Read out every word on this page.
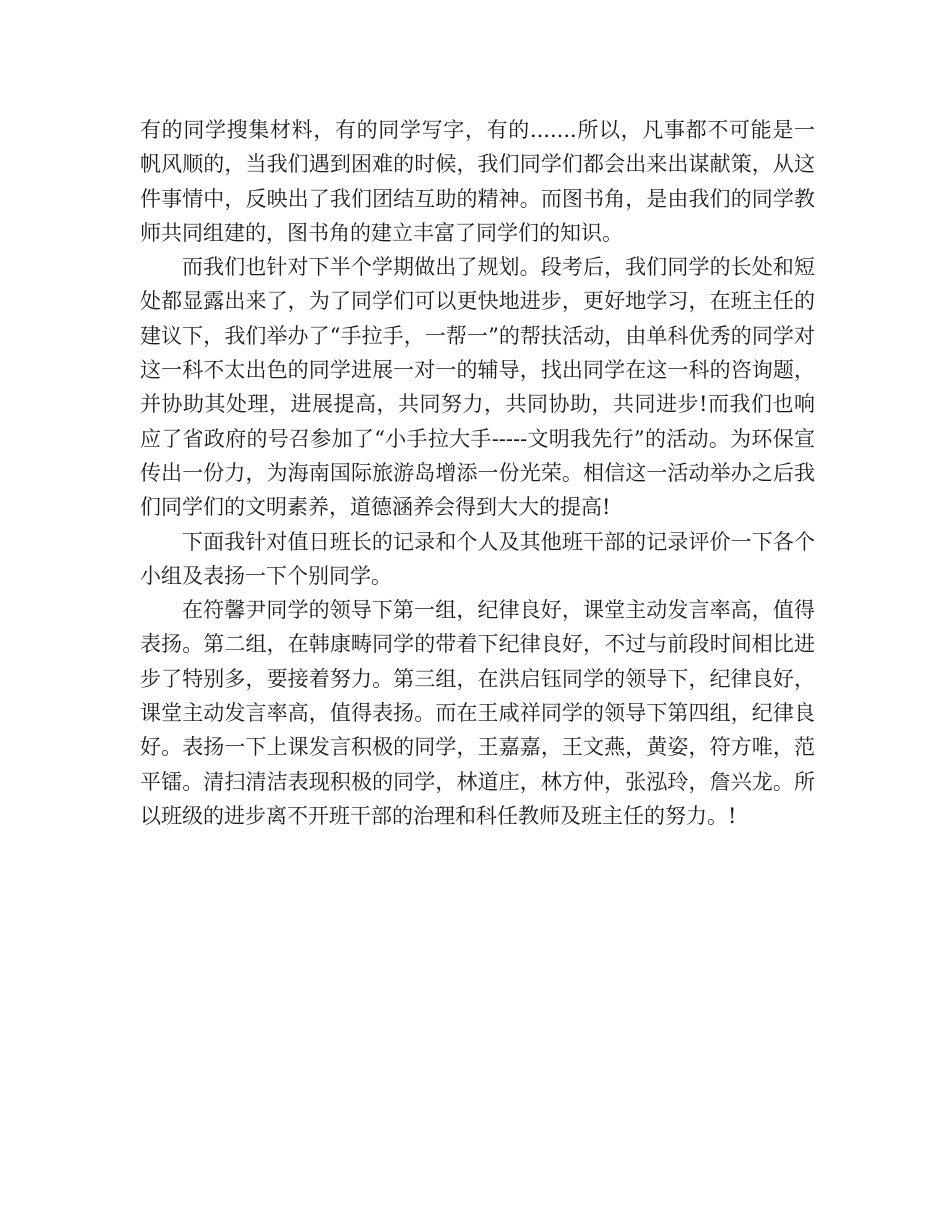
有的同学搜集材料，有的同学写字，有的.......所以，凡事都不可能是一帆风顺的，当我们遇到困难的时候，我们同学们都会出来出谋献策，从这件事情中，反映出了我们团结互助的精神。而图书角，是由我们的同学教师共同组建的，图书角的建立丰富了同学们的知识。

而我们也针对下半个学期做出了规划。段考后，我们同学的长处和短处都显露出来了，为了同学们可以更快地进步，更好地学习，在班主任的建议下，我们举办了“手拉手，一帮一”的帮扶活动，由单科优秀的同学对这一科不太出色的同学进展一对一的辅导，找出同学在这一科的咨询题，并协助其处理，进展提高，共同努力，共同协助，共同进步!而我们也响应了省政府的号召参加了“小手拉大手-----文明我先行”的活动。为环保宣传出一份力，为海南国际旅游岛增添一份光荣。相信这一活动举办之后我们同学们的文明素养，道德涵养会得到大大的提高!

下面我针对值日班长的记录和个人及其他班干部的记录评价一下各个小组及表扬一下个别同学。

在符馨尹同学的领导下第一组，纪律良好，课堂主动发言率高，值得表扬。第二组，在韩康畴同学的带着下纪律良好，不过与前段时间相比进步了特别多，要接着努力。第三组，在洪启钰同学的领导下，纪律良好，课堂主动发言率高，值得表扬。而在王咸祥同学的领导下第四组，纪律良好。表扬一下上课发言积极的同学，王嘉嘉，王文燕，黄姿，符方唯，范平镭。清扫清洁表现积极的同学，林道庄，林方仲，张泓玲，詹兴龙。所以班级的进步离不开班干部的治理和科任教师及班主任的努力。!
